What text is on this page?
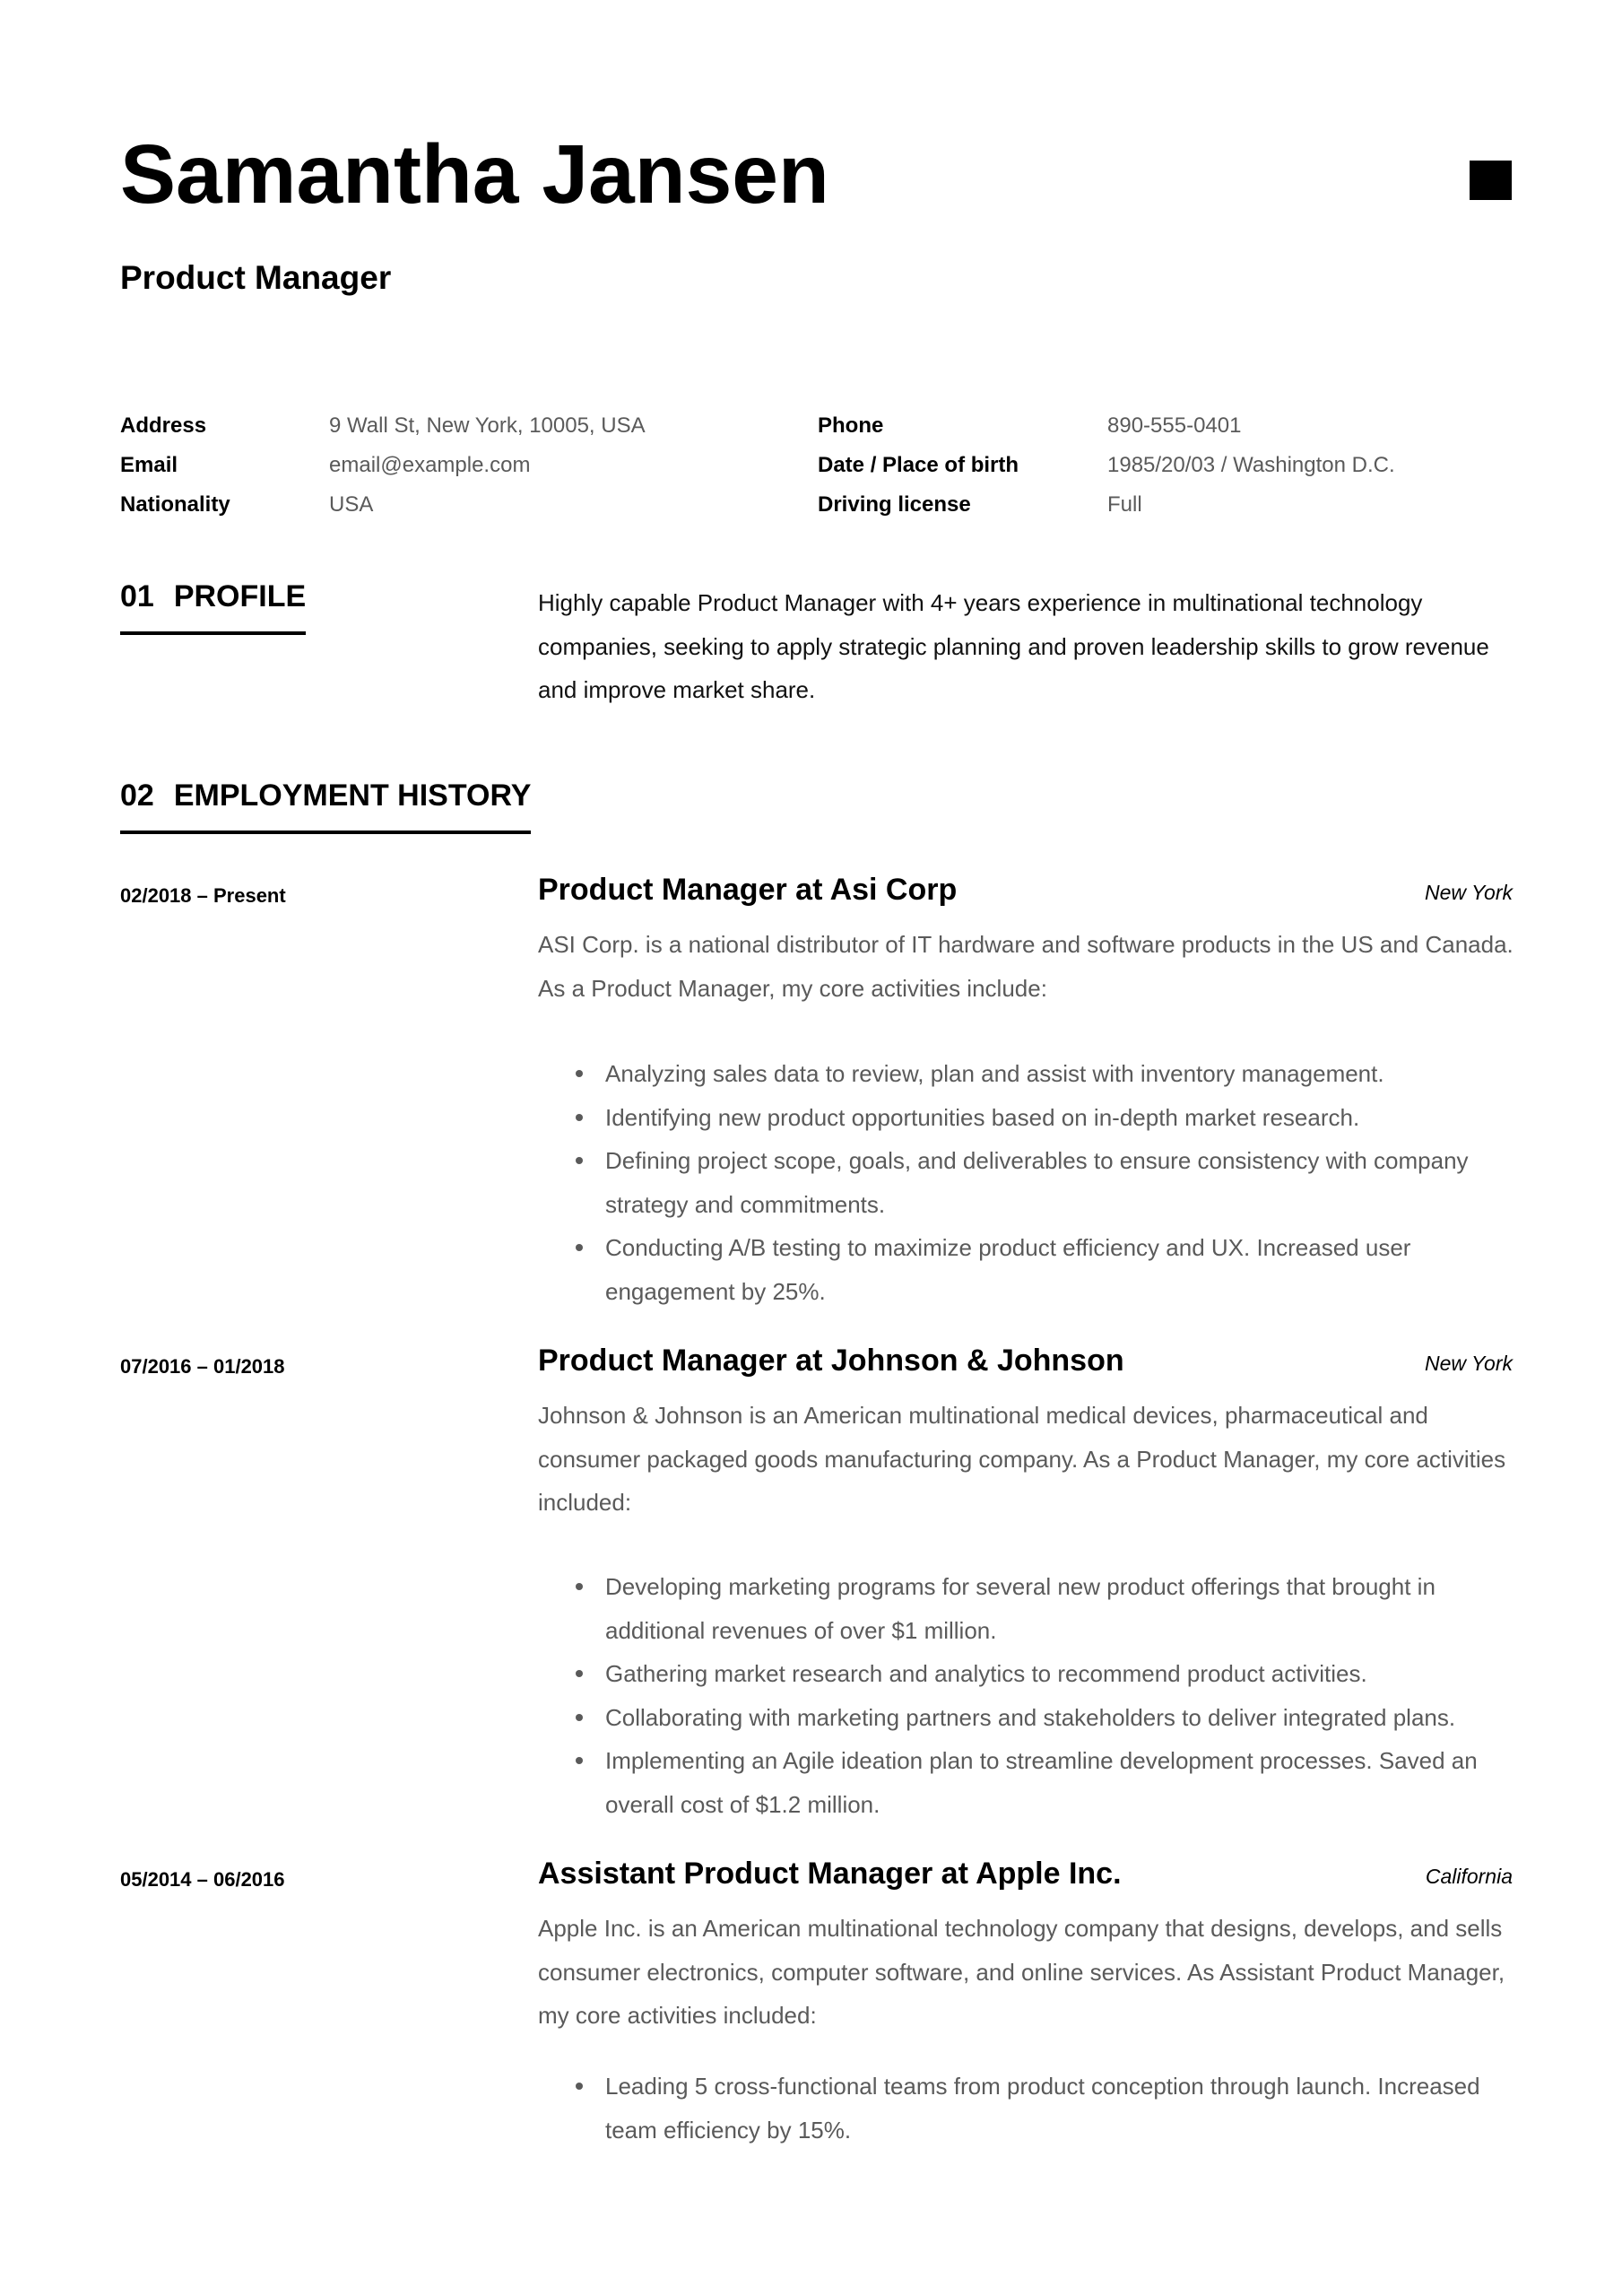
Samantha Jansen
Product Manager
Address	9 Wall St, New York, 10005, USA
Email	email@example.com
Nationality	USA
Phone	890-555-0401
Date / Place of birth	1985/20/03 / Washington D.C.
Driving license	Full
01 PROFILE	Highly capable Product Manager with 4+ years experience in multinational technology companies, seeking to apply strategic planning and proven leadership skills to grow revenue and improve market share.
02 EMPLOYMENT HISTORY
02/2018 – Present	Product Manager at Asi Corp	New York
ASI Corp. is a national distributor of IT hardware and software products in the US and Canada. As a Product Manager, my core activities include:
Analyzing sales data to review, plan and assist with inventory management.
Identifying new product opportunities based on in-depth market research.
Defining project scope, goals, and deliverables to ensure consistency with company strategy and commitments.
Conducting A/B testing to maximize product efficiency and UX. Increased user engagement by 25%.
07/2016 – 01/2018	Product Manager at Johnson & Johnson	New York
Johnson & Johnson is an American multinational medical devices, pharmaceutical and consumer packaged goods manufacturing company. As a Product Manager, my core activities included:
Developing marketing programs for several new product offerings that brought in additional revenues of over $1 million.
Gathering market research and analytics to recommend product activities.
Collaborating with marketing partners and stakeholders to deliver integrated plans.
Implementing an Agile ideation plan to streamline development processes. Saved an overall cost of $1.2 million.
05/2014 – 06/2016	Assistant Product Manager at Apple Inc.	California
Apple Inc. is an American multinational technology company that designs, develops, and sells consumer electronics, computer software, and online services. As Assistant Product Manager, my core activities included:
Leading 5 cross-functional teams from product conception through launch. Increased team efficiency by 15%.
